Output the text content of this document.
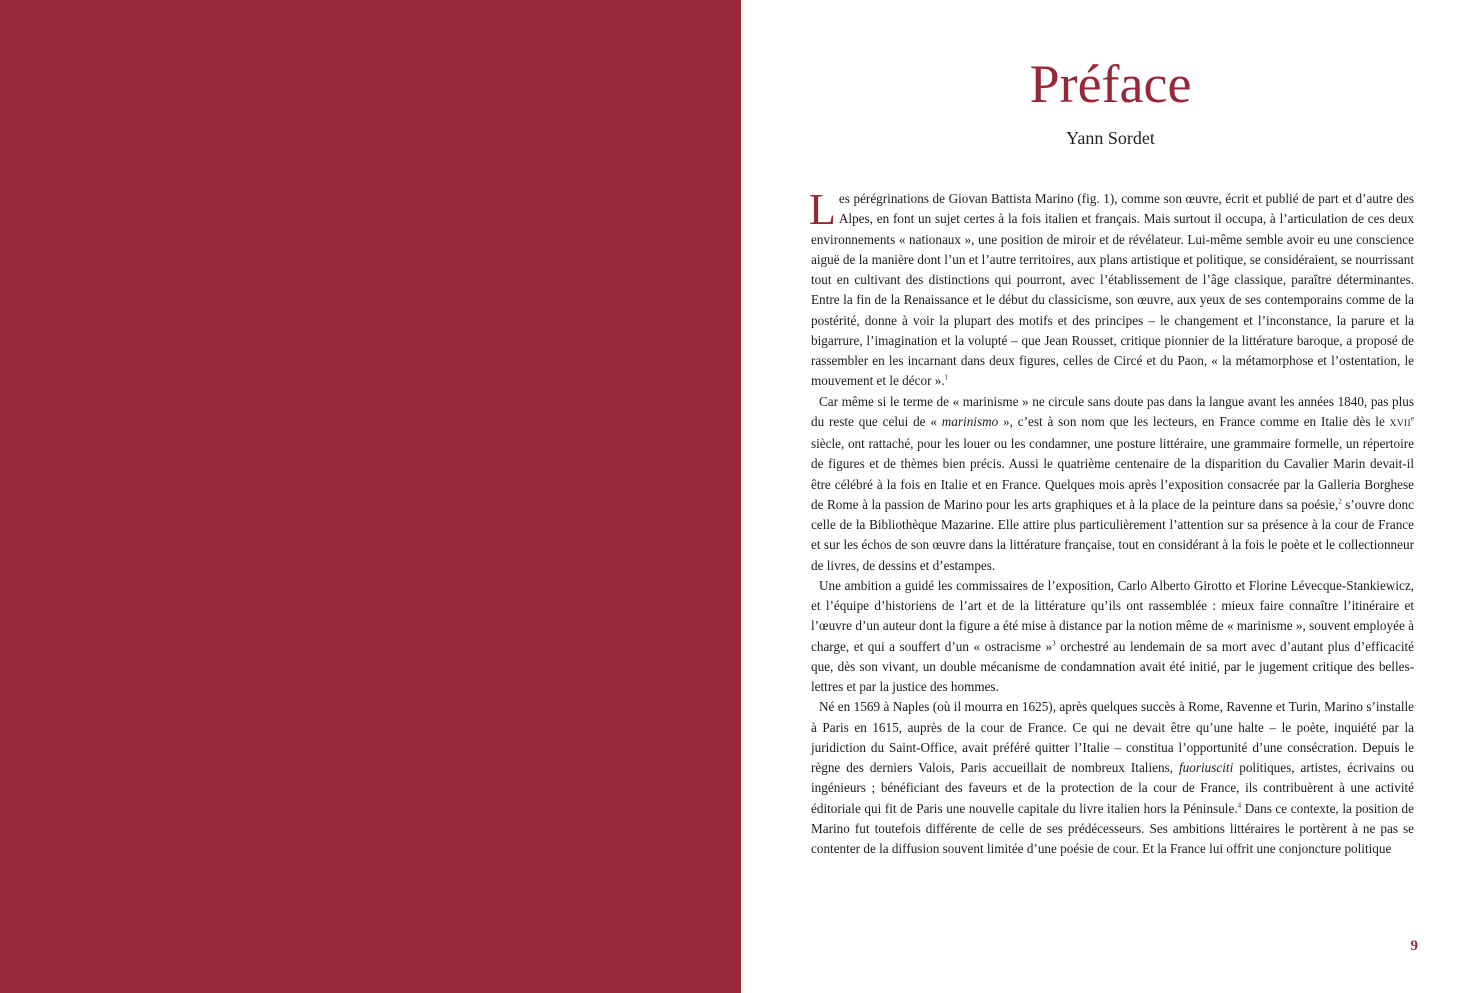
Préface
Yann Sordet

Les pérégrinations de Giovan Battista Marino (fig. 1), comme son œuvre, écrit et publié de part et d’autre des Alpes, en font un sujet certes à la fois italien et français. Mais surtout il occupa, à l’articulation de ces deux environnements « nationaux », une position de miroir et de révélateur. Lui-même semble avoir eu une conscience aiguë de la manière dont l’un et l’autre territoires, aux plans artistique et politique, se considéraient, se nourrissant tout en cultivant des distinctions qui pourront, avec l’établissement de l’âge classique, paraître déterminantes. Entre la fin de la Renaissance et le début du classicisme, son œuvre, aux yeux de ses contemporains comme de la postérité, donne à voir la plupart des motifs et des principes – le changement et l’inconstance, la parure et la bigarrure, l’imagination et la volupté – que Jean Rousset, critique pionnier de la littérature baroque, a proposé de rassembler en les incarnant dans deux figures, celles de Circé et du Paon, « la métamorphose et l’ostentation, le mouvement et le décor ».$^1$

Car même si le terme de « marinisme » ne circule sans doute pas dans la langue avant les années 1840, pas plus du reste que celui de « marinismo », c’est à son nom que les lecteurs, en France comme en Italie dès le XVIIe siècle, ont rattaché, pour les louer ou les condamner, une posture littéraire, une grammaire formelle, un répertoire de figures et de thèmes bien précis. Aussi le quatrième centenaire de la disparition du Cavalier Marin devait-il être célébré à la fois en Italie et en France. Quelques mois après l’exposition consacrée par la Galleria Borghese de Rome à la passion de Marino pour les arts graphiques et à la place de la peinture dans sa poésie,$^2$ s’ouvre donc celle de la Bibliothèque Mazarine. Elle attire plus particulièrement l’attention sur sa présence à la cour de France et sur les échos de son œuvre dans la littérature française, tout en considérant à la fois le poète et le collectionneur de livres, de dessins et d’estampes.

Une ambition a guidé les commissaires de l’exposition, Carlo Alberto Girotto et Florine Lévecque-Stankiewicz, et l’équipe d’historiens de l’art et de la littérature qu’ils ont rassemblée : mieux faire connaître l’itinéraire et l’œuvre d’un auteur dont la figure a été mise à distance par la notion même de « marinisme », souvent employée à charge, et qui a souffert d’un « ostracisme »$^3$ orchestré au lendemain de sa mort avec d’autant plus d’efficacité que, dès son vivant, un double mécanisme de condamnation avait été initié, par le jugement critique des belles-lettres et par la justice des hommes.

Né en 1569 à Naples (où il mourra en 1625), après quelques succès à Rome, Ravenne et Turin, Marino s’installe à Paris en 1615, auprès de la cour de France. Ce qui ne devait être qu’une halte – le poète, inquiété par la juridiction du Saint-Office, avait préféré quitter l’Italie – constitua l’opportunité d’une consécration. Depuis le règne des derniers Valois, Paris accueillait de nombreux Italiens, fuoriusciti politiques, artistes, écrivains ou ingénieurs ; bénéficiant des faveurs et de la protection de la cour de France, ils contribuèrent à une activité éditoriale qui fit de Paris une nouvelle capitale du livre italien hors la Péninsule.$^4$ Dans ce contexte, la position de Marino fut toutefois différente de celle de ses prédécesseurs. Ses ambitions littéraires le portèrent à ne pas se contenter de la diffusion souvent limitée d’une poésie de cour. Et la France lui offrit une conjoncture politique

9
